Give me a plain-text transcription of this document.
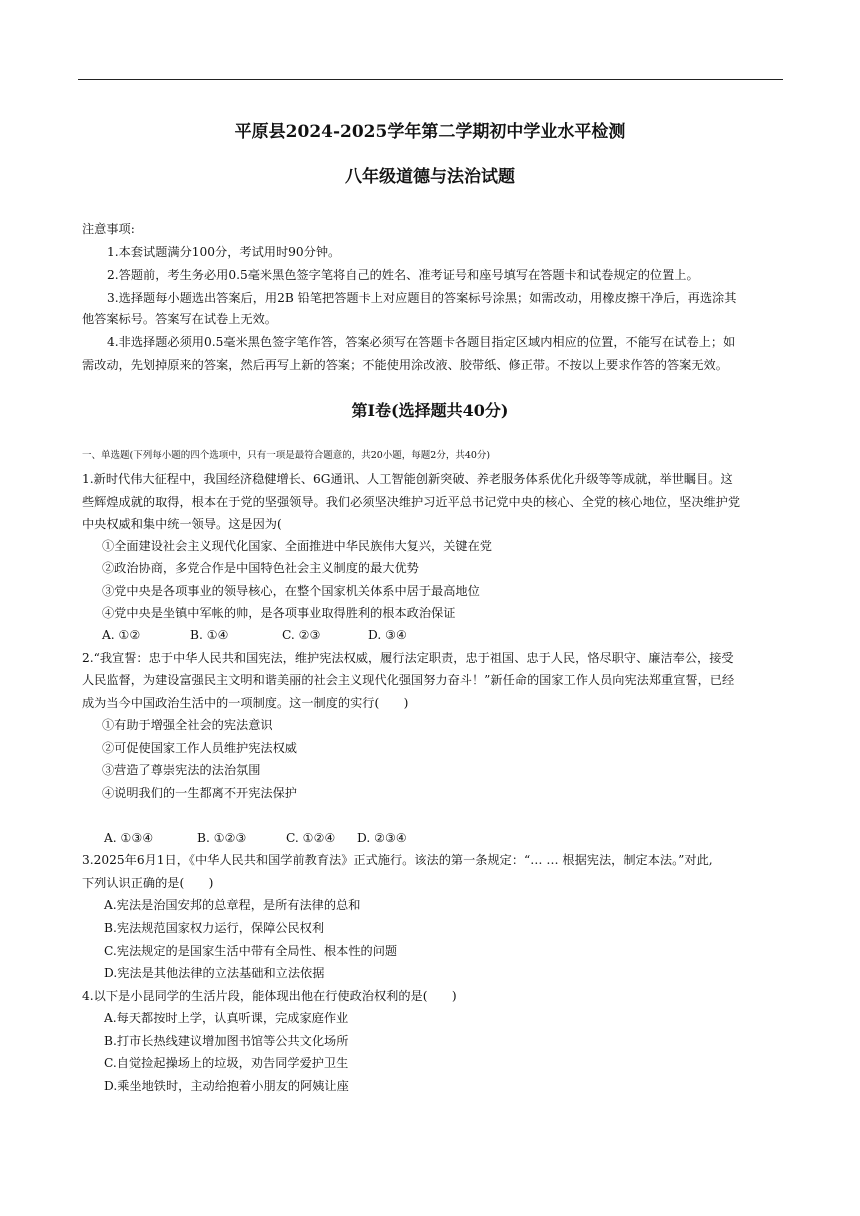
平原县2024-2025学年第二学期初中学业水平检测
八年级道德与法治试题
注意事项:
1.本套试题满分100分，考试用时90分钟。
2.答题前，考生务必用0.5毫米黑色签字笔将自己的姓名、准考证号和座号填写在答题卡和试卷规定的位置上。
3.选择题每小题选出答案后，用2B 铅笔把答题卡上对应题目的答案标号涂黑；如需改动，用橡皮擦干净后，再选涂其
他答案标号。答案写在试卷上无效。
4.非选择题必须用0.5毫米黑色签字笔作答，答案必须写在答题卡各题目指定区域内相应的位置，不能写在试卷上；如
需改动，先划掉原来的答案，然后再写上新的答案；不能使用涂改液、胶带纸、修正带。不按以上要求作答的答案无效。
第Ⅰ卷(选择题共40分)
一、单选题(下列每小题的四个选项中，只有一项是最符合题意的，共20小题，每题2分，共40分)
1.新时代伟大征程中，我国经济稳健增长、6G通讯、人工智能创新突破、养老服务体系优化升级等等成就，举世瞩目。这
些辉煌成就的取得，根本在于党的坚强领导。我们必须坚决维护习近平总书记党中央的核心、全党的核心地位，坚决维护党
中央权威和集中统一领导。这是因为(
①全面建设社会主义现代化国家、全面推进中华民族伟大复兴，关键在党
②政治协商，多党合作是中国特色社会主义制度的最大优势
③党中央是各项事业的领导核心，在整个国家机关体系中居于最高地位
④党中央是坐镇中军帐的帅，是各项事业取得胜利的根本政治保证
A. ①②	B. ①④	C. ②③	D. ③④
2.“我宣誓：忠于中华人民共和国宪法，维护宪法权威，履行法定职责，忠于祖国、忠于人民，恪尽职守、廉洁奉公，接受
人民监督，为建设富强民主文明和谐美丽的社会主义现代化强国努力奋斗！”新任命的国家工作人员向宪法郑重宣誓，已经
成为当今中国政治生活中的一项制度。这一制度的实行(　　)
①有助于增强全社会的宪法意识
②可促使国家工作人员维护宪法权威
③营造了尊崇宪法的法治氛围
④说明我们的一生都离不开宪法保护
A. ①③④	B. ①②③	C. ①②④ D. ②③④
3.2025年6月1日，《中华人民共和国学前教育法》正式施行。该法的第一条规定：“… … 根据宪法，制定本法。”对此,
下列认识正确的是(　　)
A.宪法是治国安邦的总章程，是所有法律的总和
B.宪法规范国家权力运行，保障公民权利
C.宪法规定的是国家生活中带有全局性、根本性的问题
D.宪法是其他法律的立法基础和立法依据
4.以下是小昆同学的生活片段，能体现出他在行使政治权利的是(　　)
A.每天都按时上学，认真听课，完成家庭作业
B.打市长热线建议增加图书馆等公共文化场所
C.自觉捡起操场上的垃圾，劝告同学爱护卫生
D.乘坐地铁时，主动给抱着小朋友的阿姨让座
